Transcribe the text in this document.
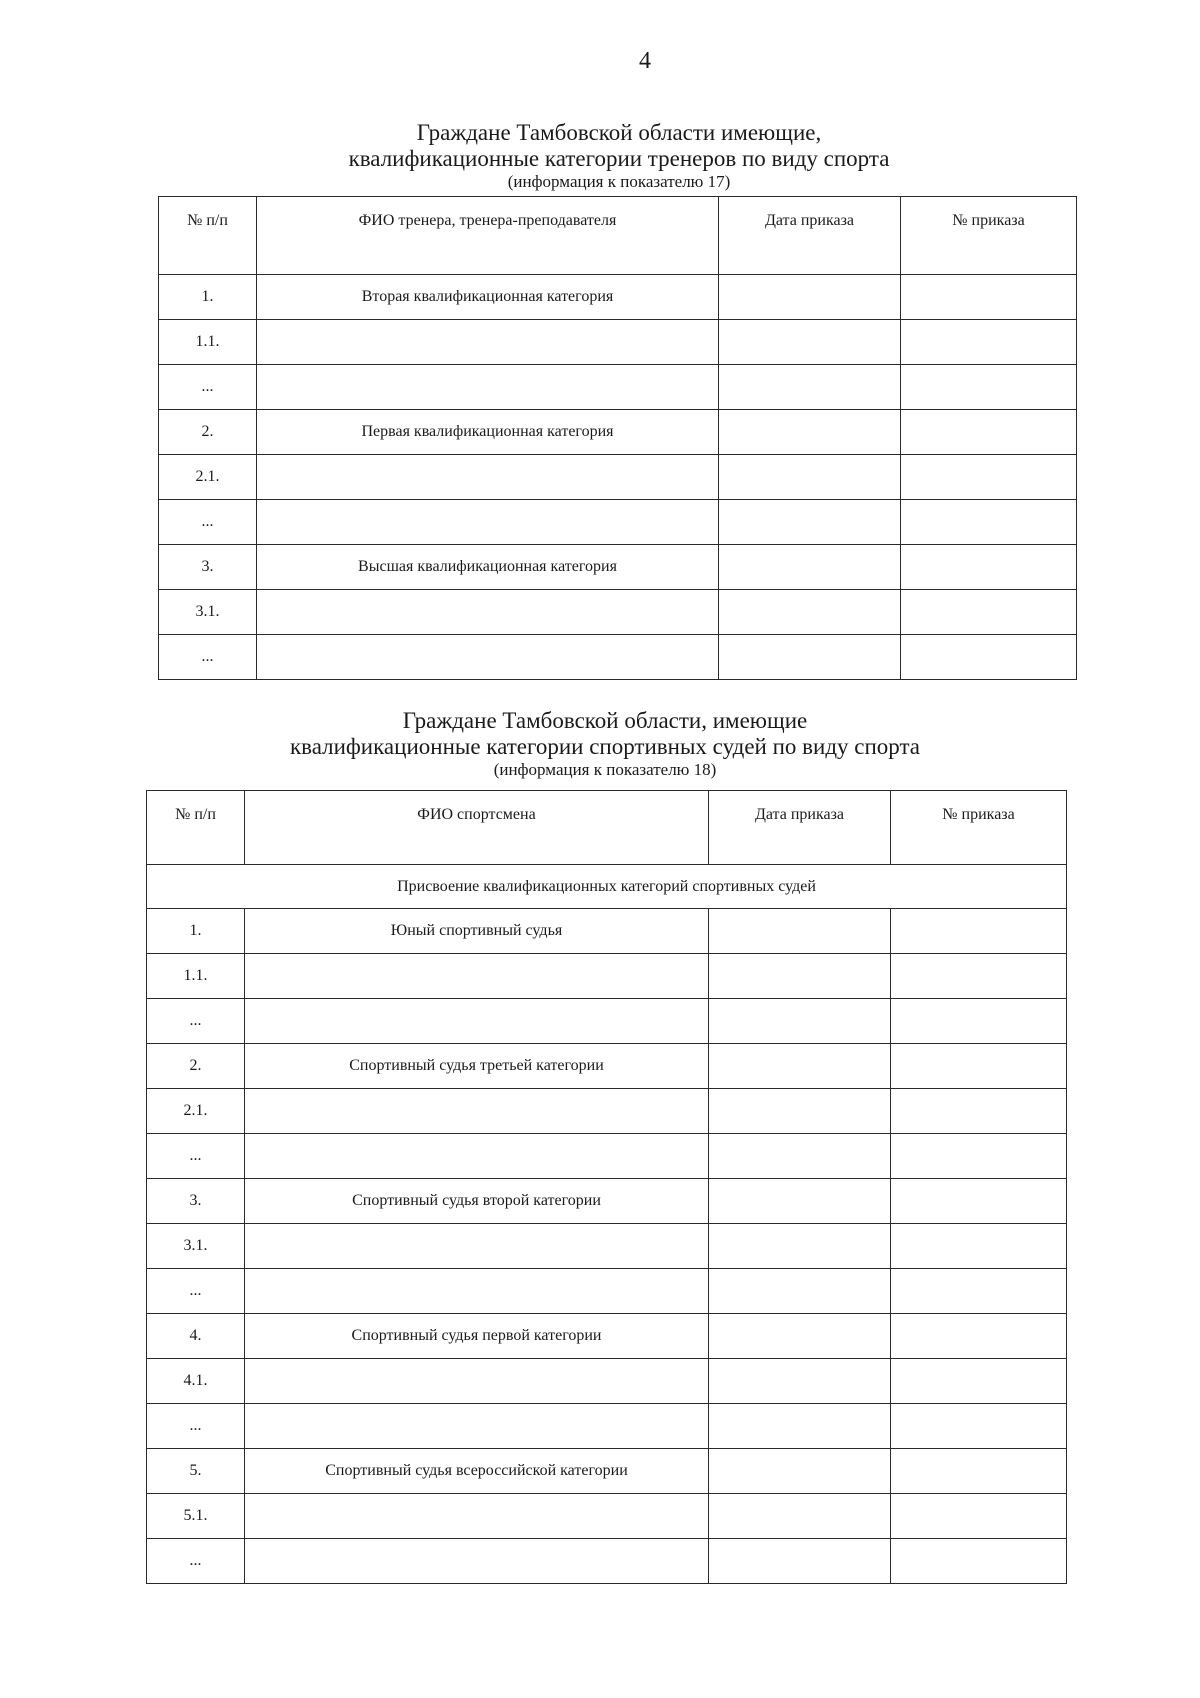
4
Граждане Тамбовской области имеющие,
квалификационные категории тренеров по виду спорта
(информация к показателю 17)
№ п/п	ФИО тренера, тренера-преподавателя	Дата приказа	№ приказа
1.	Вторая квалификационная категория		
1.1.			
...			
2.	Первая квалификационная категория		
2.1.			
...			
3.	Высшая квалификационная категория		
3.1.			
...			
Граждане Тамбовской области, имеющие
квалификационные категории спортивных судей по виду спорта
(информация к показателю 18)
№ п/п	ФИО спортсмена	Дата приказа	№ приказа
Присвоение квалификационных категорий спортивных судей			
1.	Юный спортивный судья		
1.1.			
...			
2.	Спортивный судья третьей категории		
2.1.			
...			
3.	Спортивный судья второй категории		
3.1.			
...			
4.	Спортивный судья первой категории		
4.1.			
...			
5.	Спортивный судья всероссийской категории		
5.1.			
...			
